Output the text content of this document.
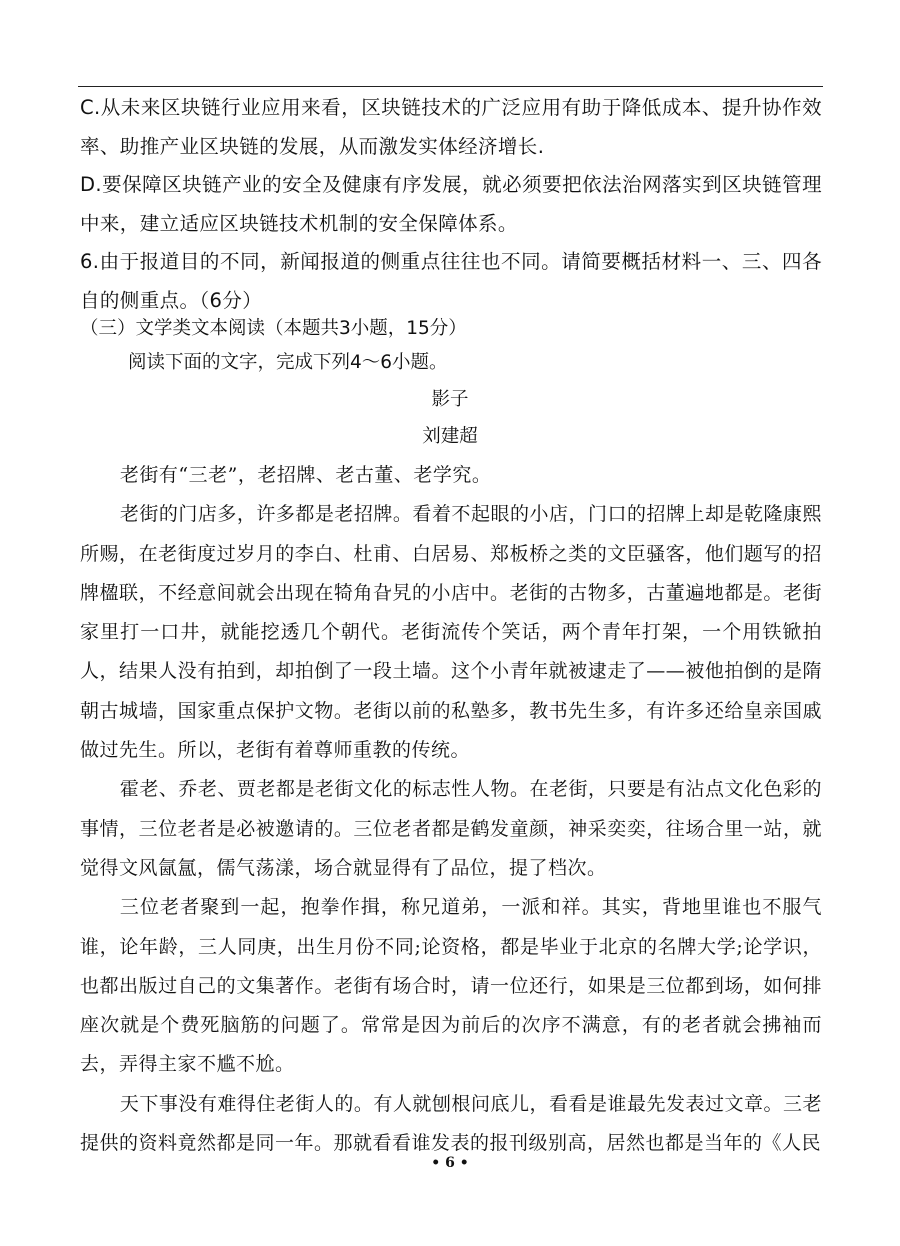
C.从未来区块链行业应用来看，区块链技术的广泛应用有助于降低成本、提升协作效率、助推产业区块链的发展，从而激发实体经济增长.

D.要保障区块链产业的安全及健康有序发展，就必须要把依法治网落实到区块链管理中来，建立适应区块链技术机制的安全保障体系。

6.由于报道目的不同，新闻报道的侧重点往往也不同。请简要概括材料一、三、四各自的侧重点。（6分）

（三）文学类文本阅读（本题共3小题，15分）
阅读下面的文字，完成下列4～6小题。
影子
刘建超

老街有“三老”，老招牌、老古董、老学究。

老街的门店多，许多都是老招牌。看着不起眼的小店，门口的招牌上却是乾隆康熙所赐，在老街度过岁月的李白、杜甫、白居易、郑板桥之类的文臣骚客，他们题写的招牌楹联，不经意间就会出现在犄角旮旯的小店中。老街的古物多，古董遍地都是。老街家里打一口井，就能挖透几个朝代。老街流传个笑话，两个青年打架，一个用铁锨拍人，结果人没有拍到，却拍倒了一段土墙。这个小青年就被逮走了——被他拍倒的是隋朝古城墙，国家重点保护文物。老街以前的私塾多，教书先生多，有许多还给皇亲国戚做过先生。所以，老街有着尊师重教的传统。

霍老、乔老、贾老都是老街文化的标志性人物。在老街，只要是有沾点文化色彩的事情，三位老者是必被邀请的。三位老者都是鹤发童颜，神采奕奕，往场合里一站，就觉得文风氤氲，儒气荡漾，场合就显得有了品位，提了档次。

三位老者聚到一起，抱拳作揖，称兄道弟，一派和祥。其实，背地里谁也不服气谁，论年龄，三人同庚，出生月份不同;论资格，都是毕业于北京的名牌大学;论学识，也都出版过自己的文集著作。老街有场合时，请一位还行，如果是三位都到场，如何排座次就是个费死脑筋的问题了。常常是因为前后的次序不满意，有的老者就会拂袖而去，弄得主家不尴不尬。

天下事没有难得住老街人的。有人就刨根问底儿，看看是谁最先发表过文章。三老提供的资料竟然都是同一年。那就看看谁发表的报刊级别高，居然也都是当年的《人民

• 6 •
